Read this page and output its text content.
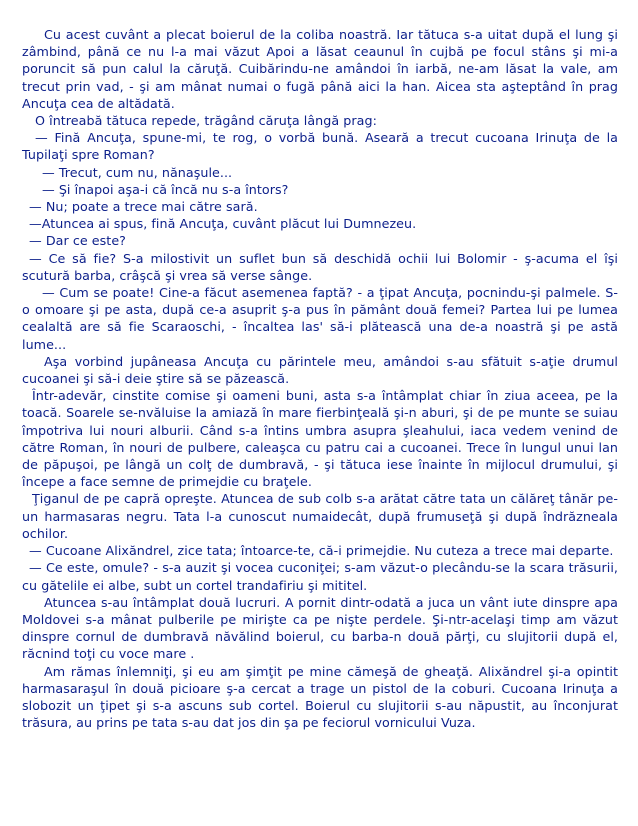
Cu acest cuvânt a plecat boierul de la coliba noastră. Iar tătuca s-a uitat după el lung şi zâmbind, până ce nu l-a mai văzut Apoi a lăsat ceaunul în cujbă pe focul stâns şi mi-a poruncit să pun calul la căruţă. Cuibărindu-ne amândoi în iarbă, ne-am lăsat la vale, am trecut prin vad, - şi am mânat numai o fugă până aici la han. Aicea sta aşteptând în prag Ancuţa cea de altădată.

O întreabă tătuca repede, trăgând căruţa lângă prag:

— Fină Ancuţa, spune-mi, te rog, o vorbă bună. Aseară a trecut cucoana Irinuţa de la Tupilaţi spre Roman?

— Trecut, cum nu, nănaşule...

— Şi înapoi aşa-i că încă nu s-a întors?

— Nu; poate a trece mai către sară.

—Atuncea ai spus, fină Ancuţa, cuvânt plăcut lui Dumnezeu.

— Dar ce este?

— Ce să fie? S-a milostivit un suflet bun să deschidă ochii lui Bolomir - ş-acuma el îşi scutură barba, crâşcă şi vrea să verse sânge.

— Cum se poate! Cine-a făcut asemenea faptă? - a ţipat Ancuţa, pocnindu-şi palmele. S-o omoare şi pe asta, după ce-a asuprit ş-a pus în pământ două femei? Partea lui pe lumea cealaltă are să fie Scaraoschi, - încaltea las' să-i plătească una de-a noastră şi pe astă lume...

Aşa vorbind jupâneasa Ancuţa cu părintele meu, amândoi s-au sfătuit s-aţie drumul cucoanei şi să-i deie ştire să se păzească.

Într-adevăr, cinstite comise şi oameni buni, asta s-a întâmplat chiar în ziua aceea, pe la toacă. Soarele se-nvăluise la amiază în mare fierbinţeală şi-n aburi, şi de pe munte se suiau împotriva lui nouri alburii. Când s-a întins umbra asupra şleahului, iaca vedem venind de către Roman, în nouri de pulbere, caleaşca cu patru cai a cucoanei. Trece în lungul unui lan de păpuşoi, pe lângă un colţ de dumbravă, - şi tătuca iese înainte în mijlocul drumului, şi începe a face semne de primejdie cu braţele.

Ţiganul de pe capră opreşte. Atuncea de sub colb s-a arătat către tata un călăreţ tânăr pe-un harmasaras negru. Tata l-a cunoscut numaidecât, după frumuseţă şi după îndrăzneala ochilor.

— Cucoane Alixăndrel, zice tata; întoarce-te, că-i primejdie. Nu cuteza a trece mai departe.

— Ce este, omule? - s-a auzit şi vocea cuconiţei; s-am văzut-o plecându-se la scara trăsurii, cu gătelile ei albe, subt un cortel trandafiriu şi mititel.

Atuncea s-au întâmplat două lucruri. A pornit dintr-odată a juca un vânt iute dinspre apa Moldovei s-a mânat pulberile pe mirişte ca pe nişte perdele. Şi-ntr-acelaşi timp am văzut dinspre cornul de dumbravă năvălind boierul, cu barba-n două părţi, cu slujitorii după el, răcnind toţi cu voce mare .

Am rămas înlemniţi, şi eu am şimţit pe mine cămeşă de gheaţă. Alixăndrel şi-a opintit harmasaraşul în două picioare ş-a cercat a trage un pistol de la coburi. Cucoana Irinuţa a slobozit un ţipet şi s-a ascuns sub cortel. Boierul cu slujitorii s-au năpustit, au înconjurat trăsura, au prins pe tata s-au dat jos din şa pe feciorul vornicului Vuza.
